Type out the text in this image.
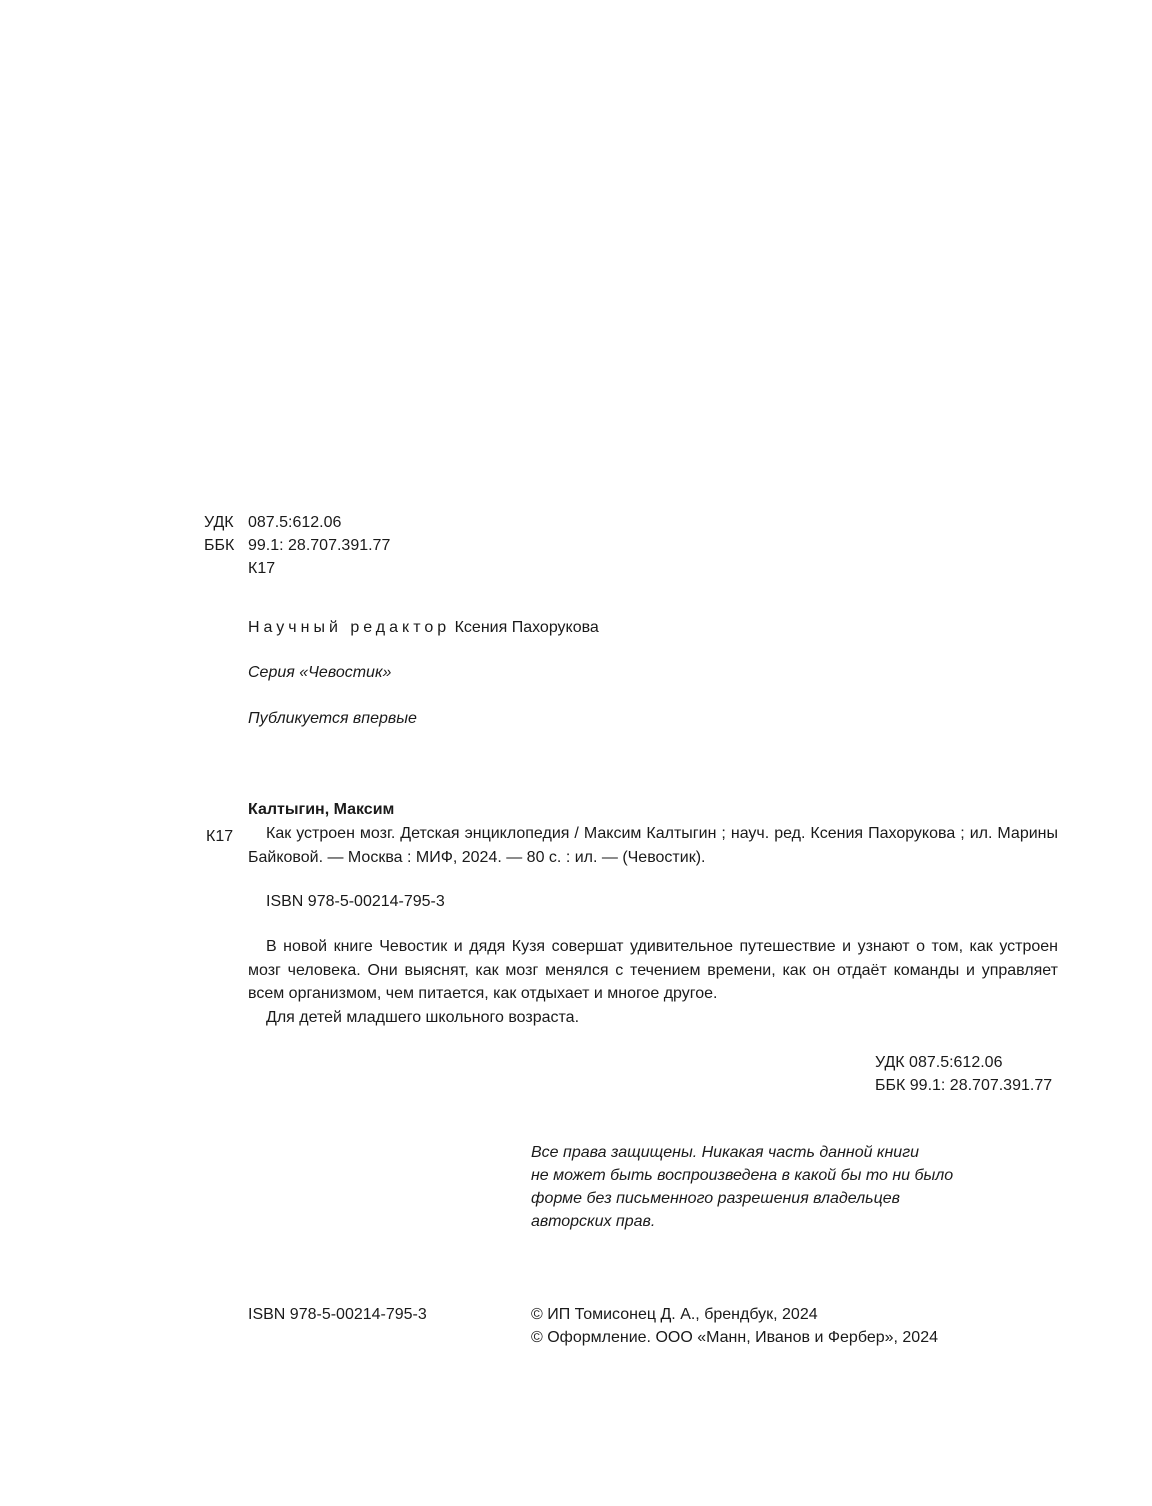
УДК 087.5:612.06
ББК 99.1: 28.707.391.77
К17
Научный редактор Ксения Пахорукова
Серия «Чевостик»
Публикуется впервые
Калтыгин, Максим
К17	Как устроен мозг. Детская энциклопедия / Максим Калтыгин ; науч. ред. Ксения Пахорукова ; ил. Марины Байковой. — Москва : МИФ, 2024. — 80 с. : ил. — (Чевостик).

ISBN 978-5-00214-795-3

В новой книге Чевостик и дядя Кузя совершат удивительное путешествие и узнают о том, как устроен мозг человека. Они выяснят, как мозг менялся с течением времени, как он отдаёт команды и управляет всем организмом, чем питается, как отдыхает и многое другое.

Для детей младшего школьного возраста.

УДК 087.5:612.06
ББК 99.1: 28.707.391.77
Все права защищены. Никакая часть данной книги
не может быть воспроизведена в какой бы то ни было
форме без письменного разрешения владельцев
авторских прав.
ISBN 978-5-00214-795-3	© ИП Томисонец Д. А., брендбук, 2024
© Оформление. ООО «Манн, Иванов и Фербер», 2024
